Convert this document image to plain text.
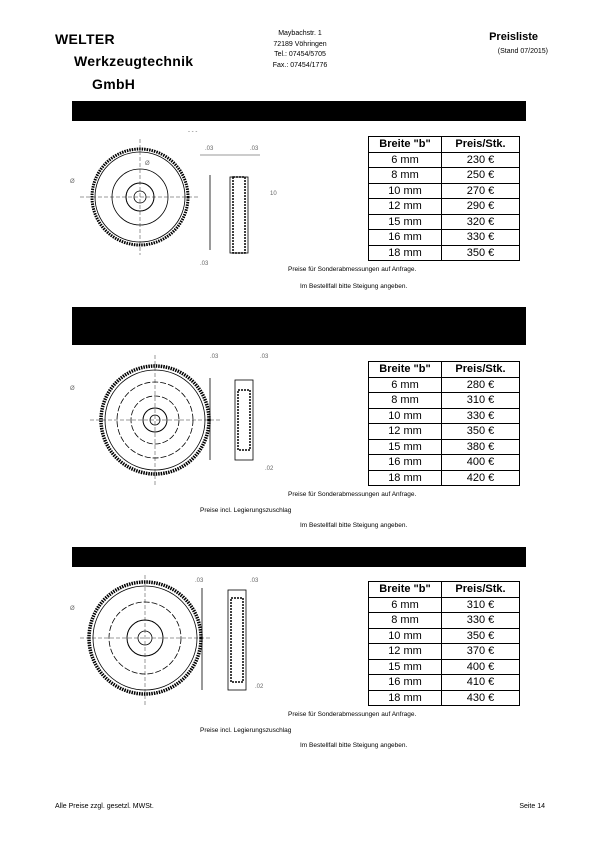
WELTER
Werkzeugtechnik
GmbH
Maybachstr. 1
72189 Vöhringen
Tel.: 07454/5705
Fax.: 07454/1776
Preisliste
(Stand 07/2015)
- - -
.03	.03
10
Ø
Ø
.03
Breite "b"	Preis/Stk.
6 mm	230 €
8 mm	250 €
10 mm	270 €
12 mm	290 €
15 mm	320 €
16 mm	330 €
18 mm	350 €
Preise für Sonderabmessungen auf Anfrage.
Im Bestellfall bitte Steigung angeben.
.03	.03
.02
Ø
Breite "b"	Preis/Stk.
6 mm	280 €
8 mm	310 €
10 mm	330 €
12 mm	350 €
15 mm	380 €
16 mm	400 €
18 mm	420 €
Preise für Sonderabmessungen auf Anfrage.
Preise incl. Legierungszuschlag
Im Bestellfall bitte Steigung angeben.
.03	.03
Ø
.02
Breite "b"	Preis/Stk.
6 mm	310 €
8 mm	330 €
10 mm	350 €
12 mm	370 €
15 mm	400 €
16 mm	410 €
18 mm	430 €
Preise für Sonderabmessungen auf Anfrage.
Preise incl. Legierungszuschlag
Im Bestellfall bitte Steigung angeben.
Alle Preise zzgl. gesetzl. MWSt.	Seite 14
